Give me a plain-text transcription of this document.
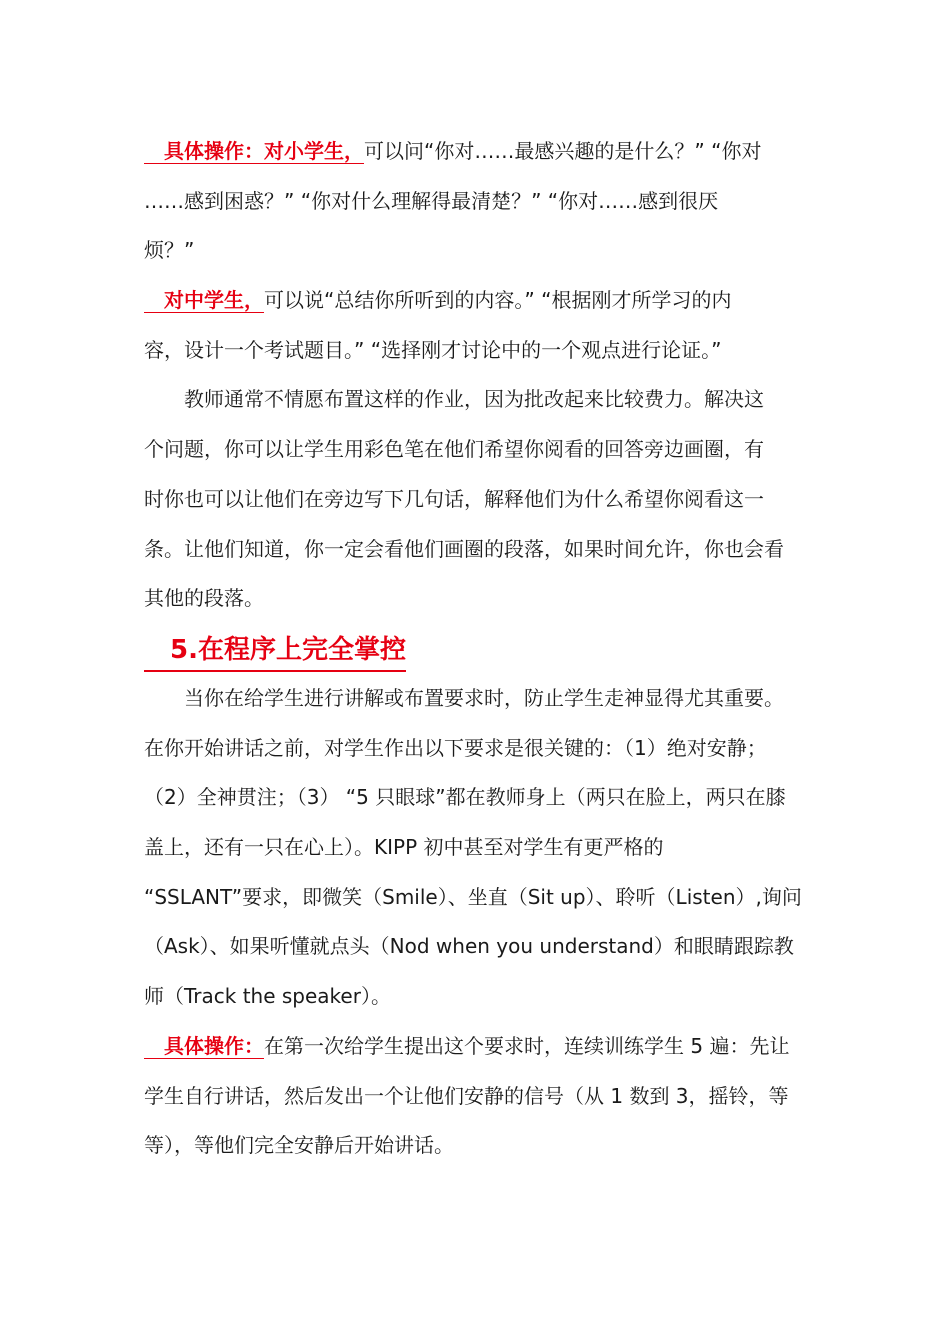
具体操作：对小学生，可以问“你对……最感兴趣的是什么？” “你对
……感到困惑？” “你对什么理解得最清楚？” “你对……感到很厌
烦？”
对中学生，可以说“总结你所听到的内容。” “根据刚才所学习的内
容，设计一个考试题目。” “选择刚才讨论中的一个观点进行论证。”
教师通常不情愿布置这样的作业，因为批改起来比较费力。解决这
个问题，你可以让学生用彩色笔在他们希望你阅看的回答旁边画圈，有
时你也可以让他们在旁边写下几句话，解释他们为什么希望你阅看这一
条。让他们知道，你一定会看他们画圈的段落，如果时间允许，你也会看
其他的段落。
5.在程序上完全掌控
当你在给学生进行讲解或布置要求时，防止学生走神显得尤其重要。
在你开始讲话之前，对学生作出以下要求是很关键的：（1）绝对安静；
（2）全神贯注；（3） “5 只眼球”都在教师身上（两只在脸上，两只在膝
盖上，还有一只在心上）。KIPP 初中甚至对学生有更严格的
“SSLANT”要求，即微笑（Smile）、坐直（Sit up）、聆听（Listen）,询问
（Ask）、如果听懂就点头（Nod when you understand）和眼睛跟踪教
师（Track the speaker）。
具体操作：在第一次给学生提出这个要求时，连续训练学生 5 遍：先让
学生自行讲话，然后发出一个让他们安静的信号（从 1 数到 3，摇铃，等
等），等他们完全安静后开始讲话。
